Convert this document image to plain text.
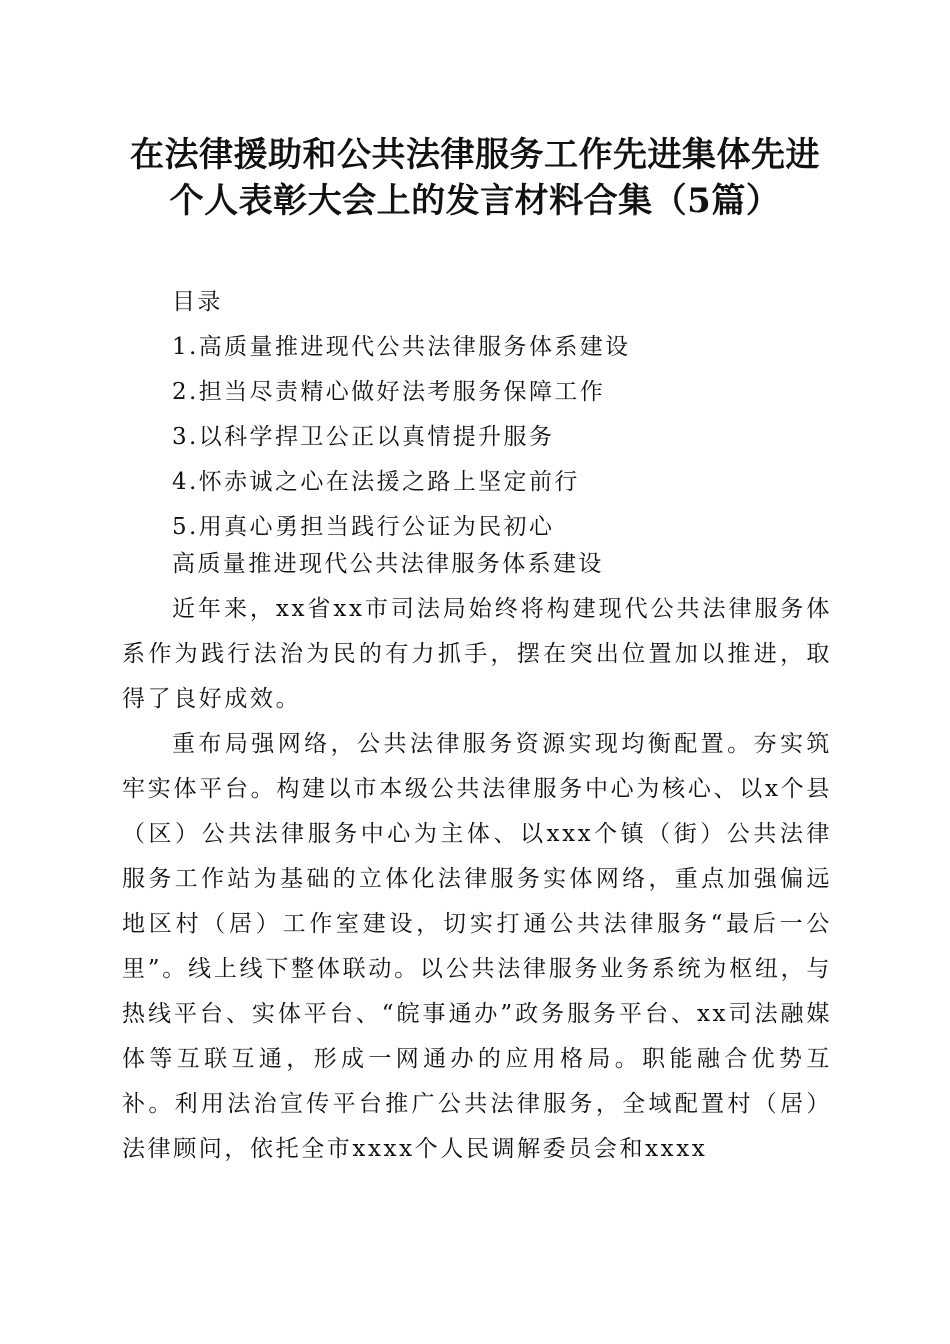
在法律援助和公共法律服务工作先进集体先进
个人表彰大会上的发言材料合集（5篇）
目录
1.高质量推进现代公共法律服务体系建设
2.担当尽责精心做好法考服务保障工作
3.以科学捍卫公正以真情提升服务
4.怀赤诚之心在法援之路上坚定前行
5.用真心勇担当践行公证为民初心
高质量推进现代公共法律服务体系建设

近年来，xx省xx市司法局始终将构建现代公共法律服务体系作为践行法治为民的有力抓手，摆在突出位置加以推进，取得了良好成效。

重布局强网络，公共法律服务资源实现均衡配置。夯实筑牢实体平台。构建以市本级公共法律服务中心为核心、以x个县（区）公共法律服务中心为主体、以xxx个镇（街）公共法律服务工作站为基础的立体化法律服务实体网络，重点加强偏远地区村（居）工作室建设，切实打通公共法律服务“最后一公里”。线上线下整体联动。以公共法律服务业务系统为枢纽，与热线平台、实体平台、“皖事通办”政务服务平台、xx司法融媒体等互联互通，形成一网通办的应用格局。职能融合优势互补。利用法治宣传平台推广公共法律服务，全域配置村（居）法律顾问，依托全市xxxx个人民调解委员会和xxxx
